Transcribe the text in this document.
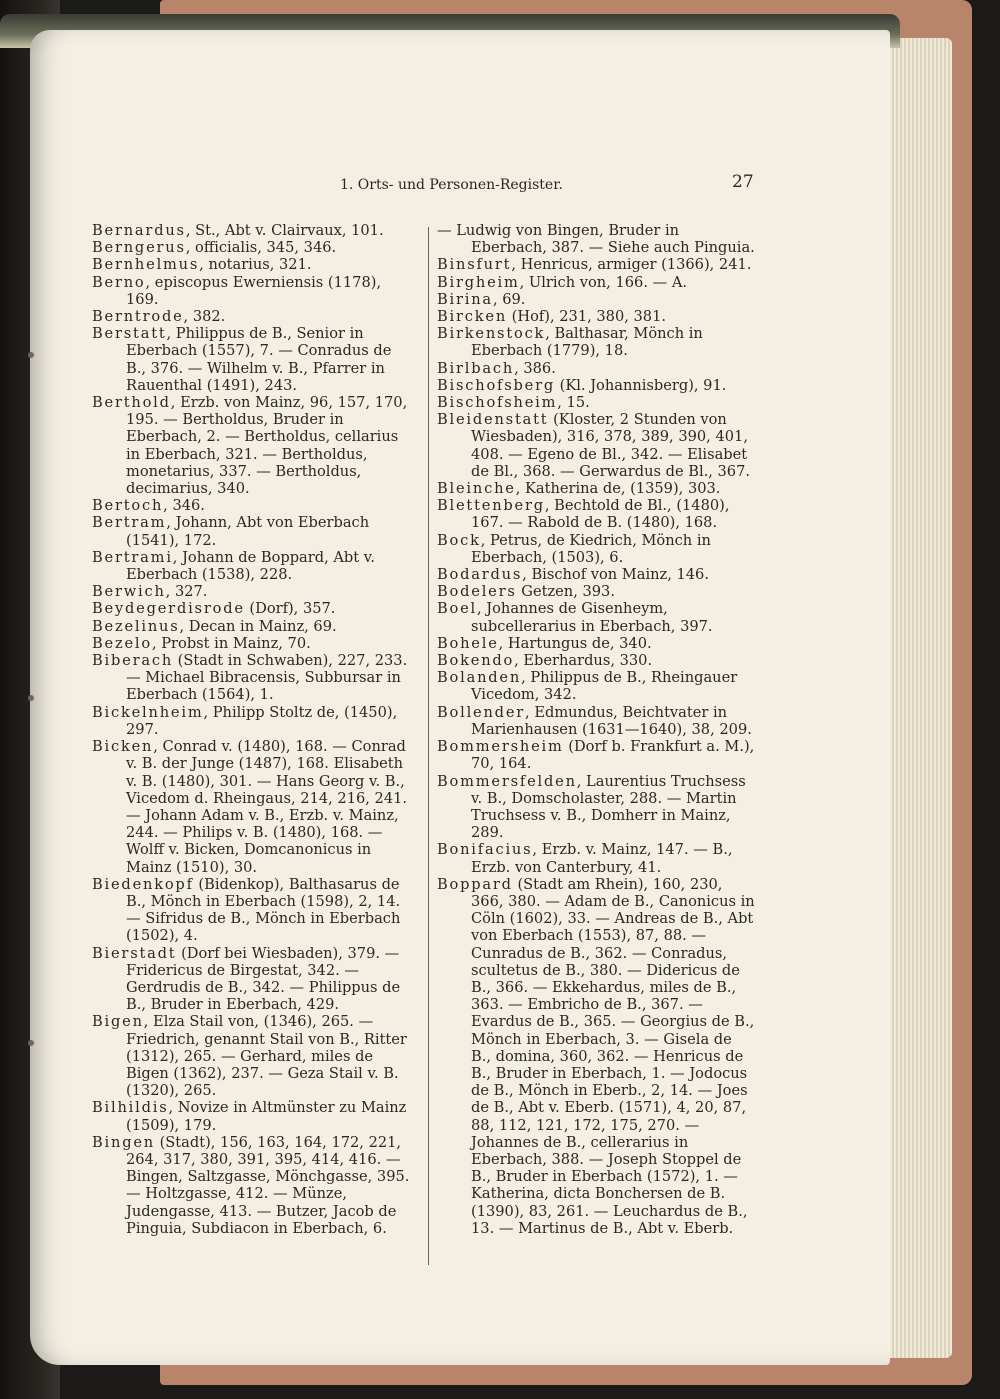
1. Orts- und Personen-Register.	27

Bernardus, St., Abt v. Clairvaux, 101.

Berngerus, officialis, 345, 346.

Bernhelmus, notarius, 321.

Berno, episcopus Ewerniensis (1178), 169.

Berntrode, 382.

Berstatt, Philippus de B., Senior in Eberbach (1557), 7. — Conradus de B., 376. — Wilhelm v. B., Pfarrer in Rauenthal (1491), 243.

Berthold, Erzb. von Mainz, 96, 157, 170, 195. — Bertholdus, Bruder in Eberbach, 2. — Bertholdus, cellarius in Eberbach, 321. — Bertholdus, monetarius, 337. — Bertholdus, decimarius, 340.

Bertoch, 346.

Bertram, Johann, Abt von Eberbach (1541), 172.

Bertrami, Johann de Boppard, Abt v. Eberbach (1538), 228.

Berwich, 327.

Beydegerdisrode (Dorf), 357.

Bezelinus, Decan in Mainz, 69.

Bezelo, Probst in Mainz, 70.

Biberach (Stadt in Schwaben), 227, 233. — Michael Bibracensis, Subbursar in Eberbach (1564), 1.

Bickelnheim, Philipp Stoltz de, (1450), 297.

Bicken, Conrad v. (1480), 168. — Conrad v. B. der Junge (1487), 168. Elisabeth v. B. (1480), 301. — Hans Georg v. B., Vicedom d. Rheingaus, 214, 216, 241. — Johann Adam v. B., Erzb. v. Mainz, 244. — Philips v. B. (1480), 168. — Wolff v. Bicken, Domcanonicus in Mainz (1510), 30.

Biedenkopf (Bidenkop), Balthasarus de B., Mönch in Eberbach (1598), 2, 14. — Sifridus de B., Mönch in Eberbach (1502), 4.

Bierstadt (Dorf bei Wiesbaden), 379. — Fridericus de Birgestat, 342. — Gerdrudis de B., 342. — Philippus de B., Bruder in Eberbach, 429.

Bigen, Elza Stail von, (1346), 265. — Friedrich, genannt Stail von B., Ritter (1312), 265. — Gerhard, miles de Bigen (1362), 237. — Geza Stail v. B. (1320), 265.

Bilhildis, Novize in Altmünster zu Mainz (1509), 179.

Bingen (Stadt), 156, 163, 164, 172, 221, 264, 317, 380, 391, 395, 414, 416. — Bingen, Saltzgasse, Mönchgasse, 395. — Holtzgasse, 412. — Münze, Judengasse, 413. — Butzer, Jacob de Pinguia, Subdiacon in Eberbach, 6.

— Ludwig von Bingen, Bruder in Eberbach, 387. — Siehe auch Pinguia.

Binsfurt, Henricus, armiger (1366), 241.

Birgheim, Ulrich von, 166. — A.

Birina, 69.

Bircken (Hof), 231, 380, 381.

Birkenstock, Balthasar, Mönch in Eberbach (1779), 18.

Birlbach, 386.

Bischofsberg (Kl. Johannisberg), 91.

Bischofsheim, 15.

Bleidenstatt (Kloster, 2 Stunden von Wiesbaden), 316, 378, 389, 390, 401, 408. — Egeno de Bl., 342. — Elisabet de Bl., 368. — Gerwardus de Bl., 367.

Bleinche, Katherina de, (1359), 303.

Blettenberg, Bechtold de Bl., (1480), 167. — Rabold de B. (1480), 168.

Bock, Petrus, de Kiedrich, Mönch in Eberbach, (1503), 6.

Bodardus, Bischof von Mainz, 146.

Bodelers Getzen, 393.

Boel, Johannes de Gisenheym, subcellerarius in Eberbach, 397.

Bohele, Hartungus de, 340.

Bokendo, Eberhardus, 330.

Bolanden, Philippus de B., Rheingauer Vicedom, 342.

Bollender, Edmundus, Beichtvater in Marienhausen (1631—1640), 38, 209.

Bommersheim (Dorf b. Frankfurt a. M.), 70, 164.

Bommersfelden, Laurentius Truchsess v. B., Domscholaster, 288. — Martin Truchsess v. B., Domherr in Mainz, 289.

Bonifacius, Erzb. v. Mainz, 147. — B., Erzb. von Canterbury, 41.

Boppard (Stadt am Rhein), 160, 230, 366, 380. — Adam de B., Canonicus in Cöln (1602), 33. — Andreas de B., Abt von Eberbach (1553), 87, 88. — Cunradus de B., 362. — Conradus, scultetus de B., 380. — Didericus de B., 366. — Ekkehardus, miles de B., 363. — Embricho de B., 367. — Evardus de B., 365. — Georgius de B., Mönch in Eberbach, 3. — Gisela de B., domina, 360, 362. — Henricus de B., Bruder in Eberbach, 1. — Jodocus de B., Mönch in Eberb., 2, 14. — Joes de B., Abt v. Eberb. (1571), 4, 20, 87, 88, 112, 121, 172, 175, 270. — Johannes de B., cellerarius in Eberbach, 388. — Joseph Stoppel de B., Bruder in Eberbach (1572), 1. — Katherina, dicta Bonchersen de B. (1390), 83, 261. — Leuchardus de B., 13. — Martinus de B., Abt v. Eberb.
